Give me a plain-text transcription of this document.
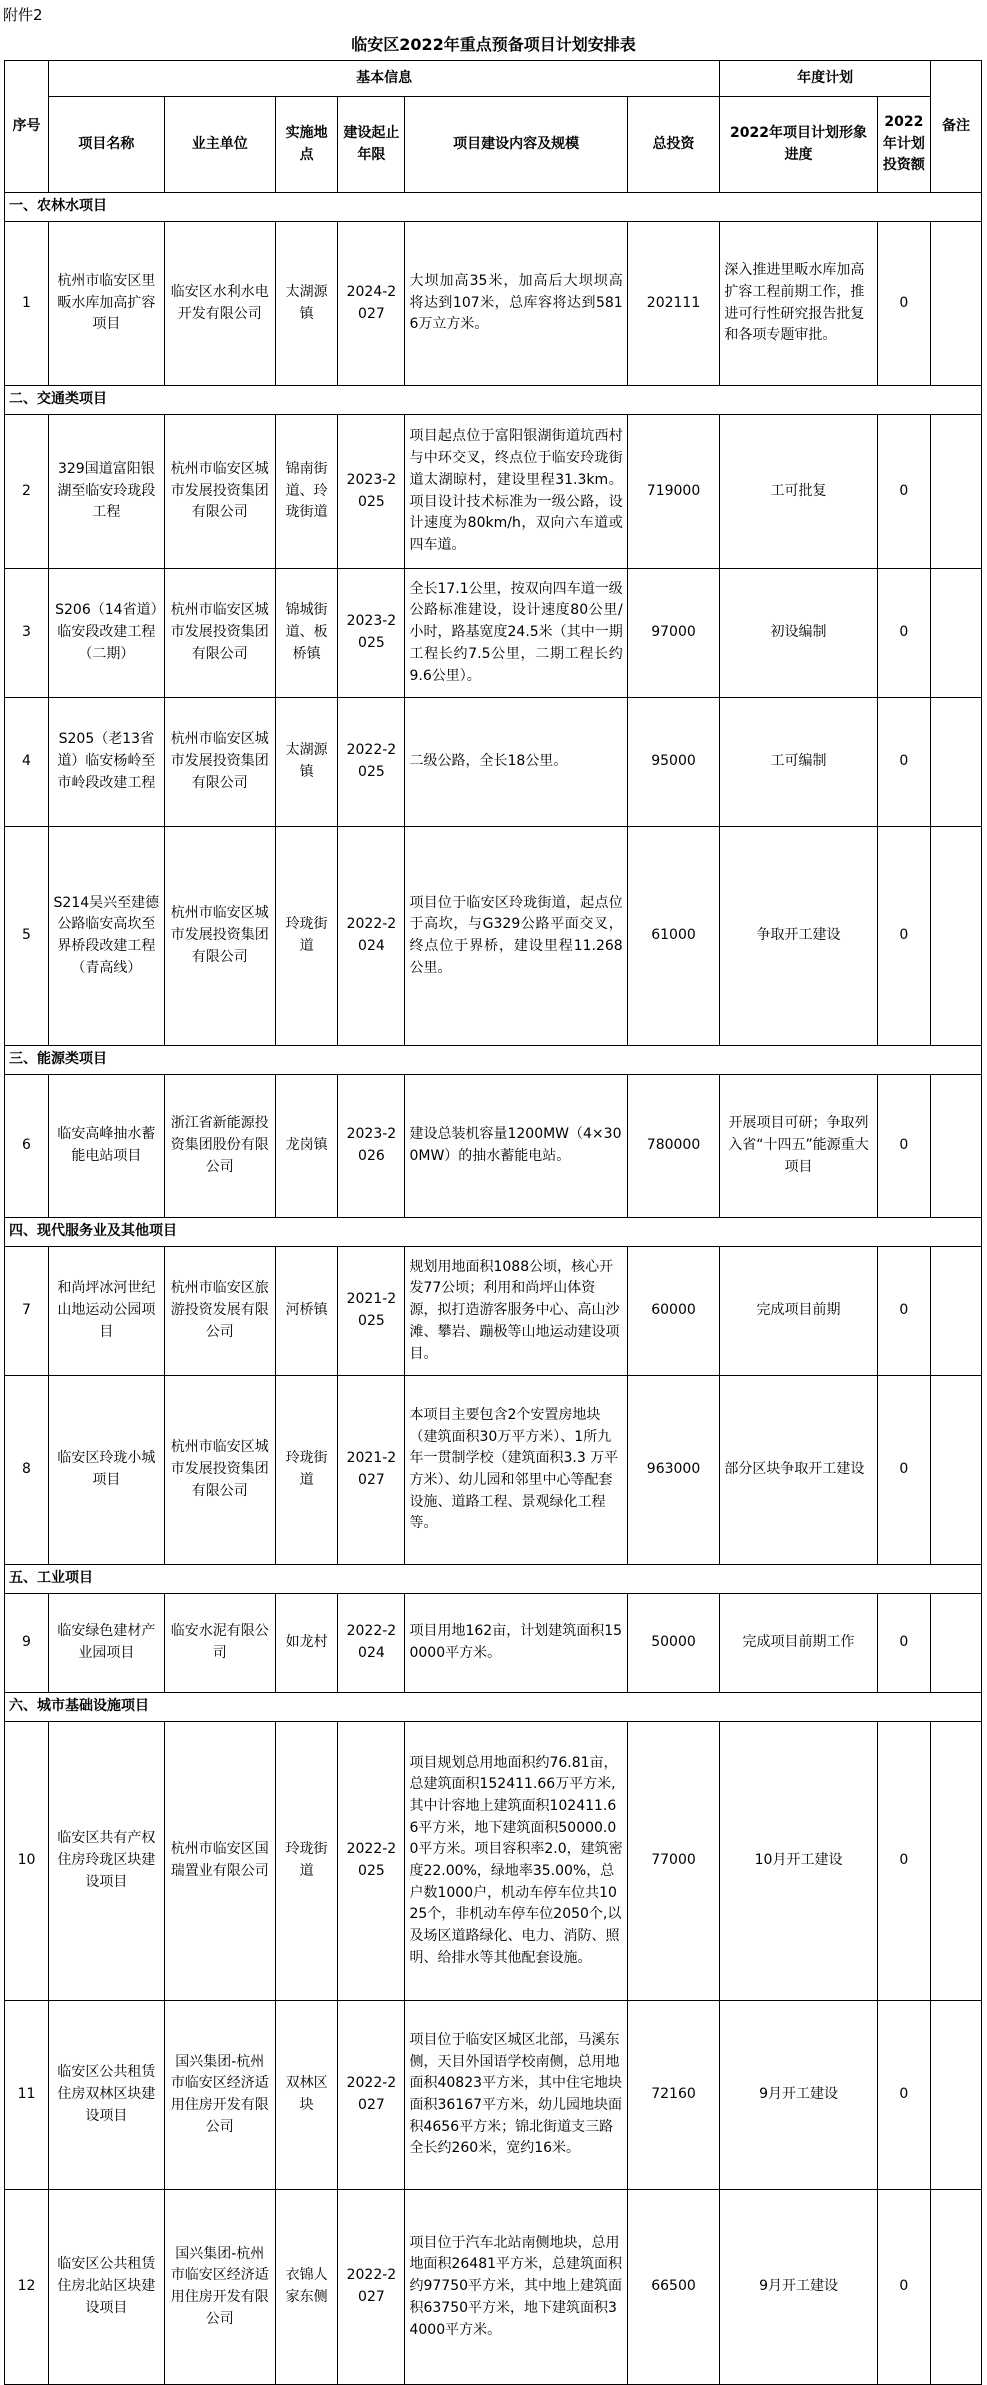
附件2
临安区2022年重点预备项目计划安排表
序号	基本信息						年度计划		备注
	项目名称	业主单位	实施地点	建设起止年限	项目建设内容及规模	总投资	2022年项目计划形象进度	2022年计划投资额	
一、农林水项目									
1	杭州市临安区里畈水库加高扩容项目	临安区水利水电开发有限公司	太湖源镇	2024-2027	大坝加高35米，加高后大坝坝高将达到107米，总库容将达到5816万立方米。	202111	深入推进里畈水库加高扩容工程前期工作，推进可行性研究报告批复和各项专题审批。	0	
二、交通类项目									
2	329国道富阳银湖至临安玲珑段工程	杭州市临安区城市发展投资集团有限公司	锦南街道、玲珑街道	2023-2025	项目起点位于富阳银湖街道坑西村与中环交叉，终点位于临安玲珑街道太湖晾村，建设里程31.3km。项目设计技术标准为一级公路，设计速度为80km/h，双向六车道或四车道。	719000	工可批复	0	
3	S206（14省道）临安段改建工程（二期）	杭州市临安区城市发展投资集团有限公司	锦城街道、板桥镇	2023-2025	全长17.1公里，按双向四车道一级公路标准建设，设计速度80公里/小时，路基宽度24.5米（其中一期工程长约7.5公里，二期工程长约9.6公里）。	97000	初设编制	0	
4	S205（老13省道）临安杨岭至市岭段改建工程	杭州市临安区城市发展投资集团有限公司	太湖源镇	2022-2025	二级公路，全长18公里。	95000	工可编制	0	
5	S214吴兴至建德公路临安高坎至界桥段改建工程（青高线）	杭州市临安区城市发展投资集团有限公司	玲珑街道	2022-2024	项目位于临安区玲珑街道，起点位于高坎，与G329公路平面交叉，终点位于界桥，建设里程11.268公里。	61000	争取开工建设	0	
三、能源类项目									
6	临安高峰抽水蓄能电站项目	浙江省新能源投资集团股份有限公司	龙岗镇	2023-2026	建设总装机容量1200MW（4×300MW）的抽水蓄能电站。	780000	开展项目可研；争取列入省“十四五”能源重大项目	0	
四、现代服务业及其他项目									
7	和尚坪冰河世纪山地运动公园项目	杭州市临安区旅游投资发展有限公司	河桥镇	2021-2025	规划用地面积1088公顷，核心开发77公顷；利用和尚坪山体资源，拟打造游客服务中心、高山沙滩、攀岩、蹦极等山地运动建设项目。	60000	完成项目前期	0	
8	临安区玲珑小城项目	杭州市临安区城市发展投资集团有限公司	玲珑街道	2021-2027	本项目主要包含2个安置房地块（建筑面积30万平方米）、1所九年一贯制学校（建筑面积3.3 万平方米）、幼儿园和邻里中心等配套设施、道路工程、景观绿化工程等。	963000	部分区块争取开工建设	0	
五、工业项目									
9	临安绿色建材产业园项目	临安水泥有限公司	如龙村	2022-2024	项目用地162亩，计划建筑面积150000平方米。	50000	完成项目前期工作	0	
六、城市基础设施项目									
10	临安区共有产权住房玲珑区块建设项目	杭州市临安区国瑞置业有限公司	玲珑街道	2022-2025	项目规划总用地面积约76.81亩，总建筑面积152411.66万平方米,其中计容地上建筑面积102411.66平方米，地下建筑面积50000.00平方米。项目容积率2.0，建筑密度22.00%，绿地率35.00%，总户数1000户，机动车停车位共1025个，非机动车停车位2050个,以及场区道路绿化、电力、消防、照明、给排水等其他配套设施。	77000	10月开工建设	0	
11	临安区公共租赁住房双林区块建设项目	国兴集团-杭州市临安区经济适用住房开发有限公司	双林区块	2022-2027	项目位于临安区城区北部，马溪东侧，天目外国语学校南侧，总用地面积40823平方米，其中住宅地块面积36167平方米，幼儿园地块面积4656平方米；锦北街道支三路全长约260米，宽约16米。	72160	9月开工建设	0	
12	临安区公共租赁住房北站区块建设项目	国兴集团-杭州市临安区经济适用住房开发有限公司	衣锦人家东侧	2022-2027	项目位于汽车北站南侧地块，总用地面积26481平方米，总建筑面积约97750平方米，其中地上建筑面积63750平方米，地下建筑面积34000平方米。	66500	9月开工建设	0	
